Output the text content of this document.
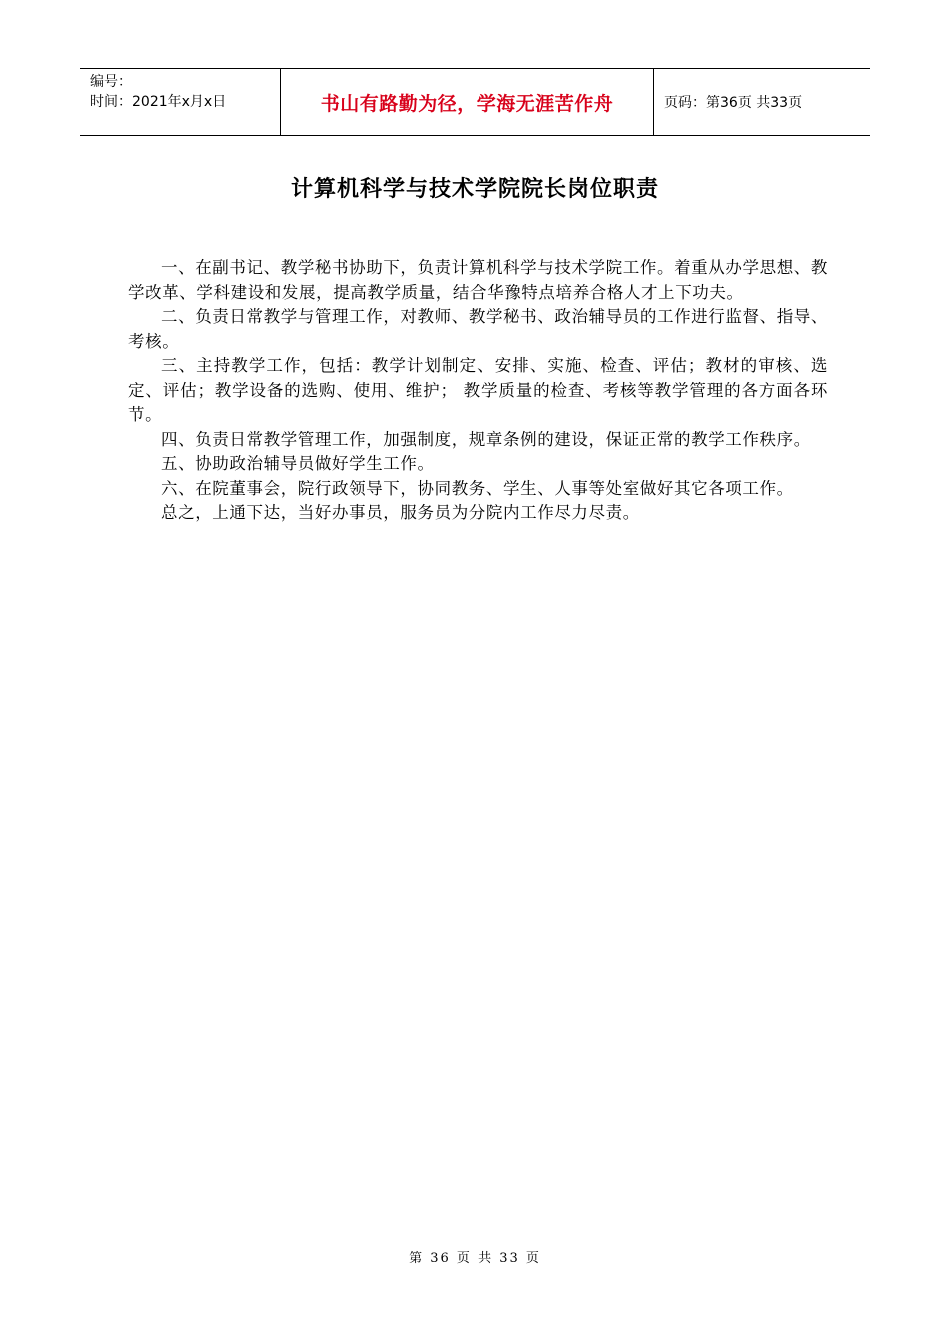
编号：
时间：2021年x月x日	书山有路勤为径，学海无涯苦作舟	页码：第36页 共33页
计算机科学与技术学院院长岗位职责

一、在副书记、教学秘书协助下，负责计算机科学与技术学院工作。着重从办学思想、教学改革、学科建设和发展，提高教学质量，结合华豫特点培养合格人才上下功夫。

二、负责日常教学与管理工作，对教师、教学秘书、政治辅导员的工作进行监督、指导、考核。

三、主持教学工作，包括：教学计划制定、安排、实施、检查、评估；教材的审核、选定、评估；教学设备的选购、使用、维护； 教学质量的检查、考核等教学管理的各方面各环节。

四、负责日常教学管理工作，加强制度，规章条例的建设，保证正常的教学工作秩序。

五、协助政治辅导员做好学生工作。

六、在院董事会，院行政领导下，协同教务、学生、人事等处室做好其它各项工作。

总之，上通下达，当好办事员，服务员为分院内工作尽力尽责。

第 36 页 共 33 页
